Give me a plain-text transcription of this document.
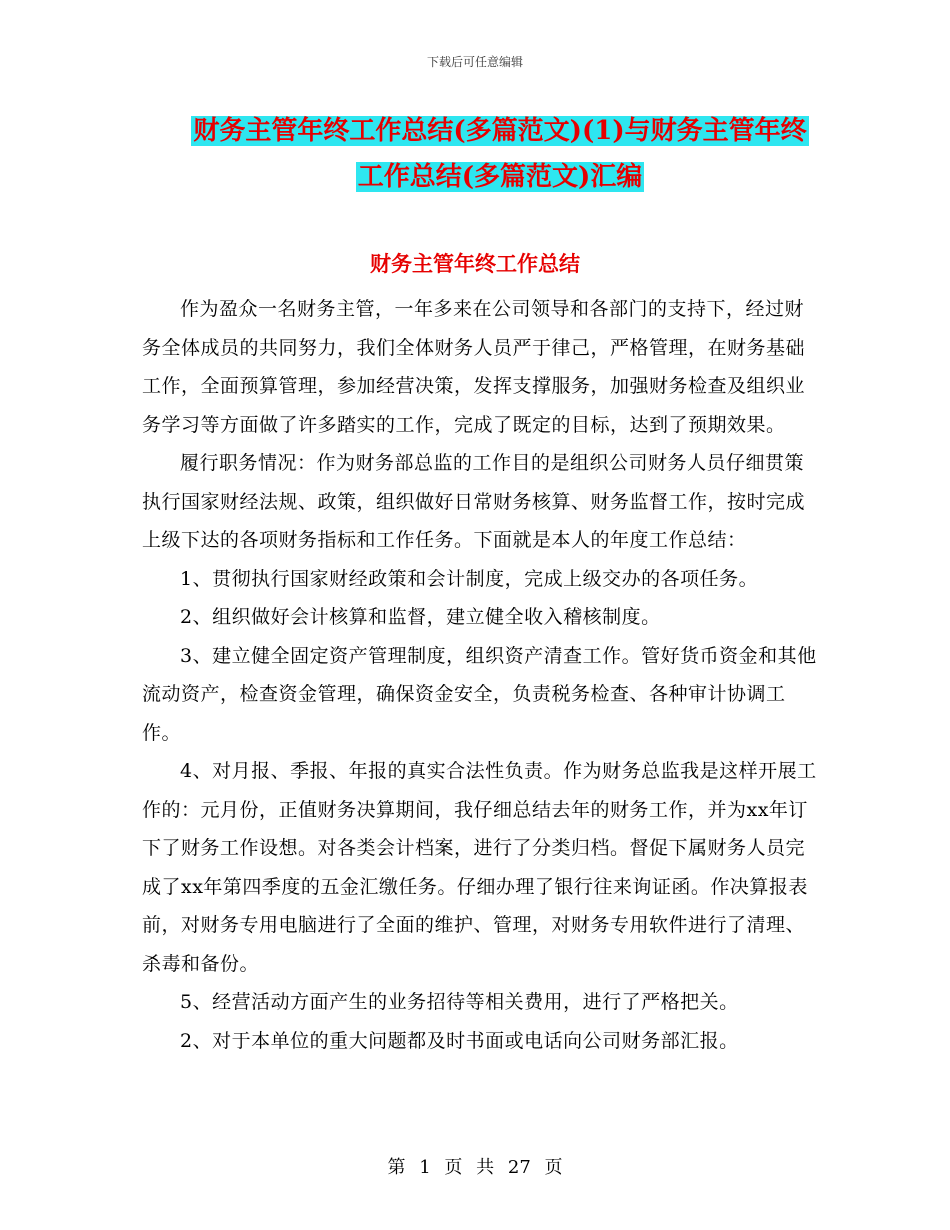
下载后可任意编辑
财务主管年终工作总结(多篇范文)(1)与财务主管年终
工作总结(多篇范文)汇编
财务主管年终工作总结

作为盈众一名财务主管，一年多来在公司领导和各部门的支持下，经过财务全体成员的共同努力，我们全体财务人员严于律己，严格管理，在财务基础工作，全面预算管理，参加经营决策，发挥支撑服务，加强财务检查及组织业务学习等方面做了许多踏实的工作，完成了既定的目标，达到了预期效果。

履行职务情况：作为财务部总监的工作目的是组织公司财务人员仔细贯策执行国家财经法规、政策，组织做好日常财务核算、财务监督工作，按时完成上级下达的各项财务指标和工作任务。下面就是本人的年度工作总结：

1、贯彻执行国家财经政策和会计制度，完成上级交办的各项任务。

2、组织做好会计核算和监督，建立健全收入稽核制度。

3、建立健全固定资产管理制度，组织资产清查工作。管好货币资金和其他流动资产，检查资金管理，确保资金安全，负责税务检查、各种审计协调工作。

4、对月报、季报、年报的真实合法性负责。作为财务总监我是这样开展工作的：元月份，正值财务决算期间，我仔细总结去年的财务工作，并为xx年订下了财务工作设想。对各类会计档案，进行了分类归档。督促下属财务人员完成了xx年第四季度的五金汇缴任务。仔细办理了银行往来询证函。作决算报表前，对财务专用电脑进行了全面的维护、管理，对财务专用软件进行了清理、杀毒和备份。

5、经营活动方面产生的业务招待等相关费用，进行了严格把关。

2、对于本单位的重大问题都及时书面或电话向公司财务部汇报。

第 1 页 共 27 页
